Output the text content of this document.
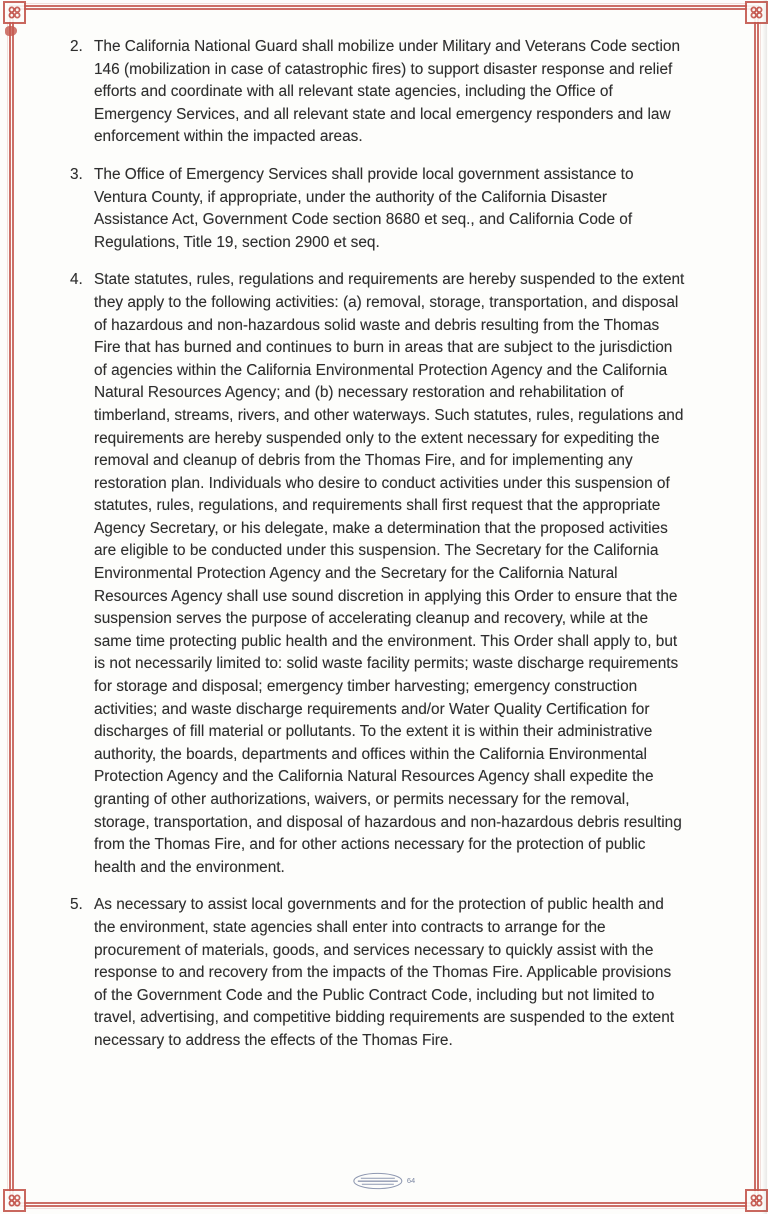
2. The California National Guard shall mobilize under Military and Veterans Code section
146 (mobilization in case of catastrophic fires) to support disaster response and relief
efforts and coordinate with all relevant state agencies, including the Office of
Emergency Services, and all relevant state and local emergency responders and law
enforcement within the impacted areas.
3. The Office of Emergency Services shall provide local government assistance to
Ventura County, if appropriate, under the authority of the California Disaster
Assistance Act, Government Code section 8680 et seq., and California Code of
Regulations, Title 19, section 2900 et seq.
4. State statutes, rules, regulations and requirements are hereby suspended to the extent
they apply to the following activities: (a) removal, storage, transportation, and disposal
of hazardous and non-hazardous solid waste and debris resulting from the Thomas
Fire that has burned and continues to burn in areas that are subject to the jurisdiction
of agencies within the California Environmental Protection Agency and the California
Natural Resources Agency; and (b) necessary restoration and rehabilitation of
timberland, streams, rivers, and other waterways. Such statutes, rules, regulations and
requirements are hereby suspended only to the extent necessary for expediting the
removal and cleanup of debris from the Thomas Fire, and for implementing any
restoration plan. Individuals who desire to conduct activities under this suspension of
statutes, rules, regulations, and requirements shall first request that the appropriate
Agency Secretary, or his delegate, make a determination that the proposed activities
are eligible to be conducted under this suspension. The Secretary for the California
Environmental Protection Agency and the Secretary for the California Natural
Resources Agency shall use sound discretion in applying this Order to ensure that the
suspension serves the purpose of accelerating cleanup and recovery, while at the
same time protecting public health and the environment. This Order shall apply to, but
is not necessarily limited to: solid waste facility permits; waste discharge requirements
for storage and disposal; emergency timber harvesting; emergency construction
activities; and waste discharge requirements and/or Water Quality Certification for
discharges of fill material or pollutants. To the extent it is within their administrative
authority, the boards, departments and offices within the California Environmental
Protection Agency and the California Natural Resources Agency shall expedite the
granting of other authorizations, waivers, or permits necessary for the removal,
storage, transportation, and disposal of hazardous and non-hazardous debris resulting
from the Thomas Fire, and for other actions necessary for the protection of public
health and the environment.
5. As necessary to assist local governments and for the protection of public health and
the environment, state agencies shall enter into contracts to arrange for the
procurement of materials, goods, and services necessary to quickly assist with the
response to and recovery from the impacts of the Thomas Fire. Applicable provisions
of the Government Code and the Public Contract Code, including but not limited to
travel, advertising, and competitive bidding requirements are suspended to the extent
necessary to address the effects of the Thomas Fire.
64
